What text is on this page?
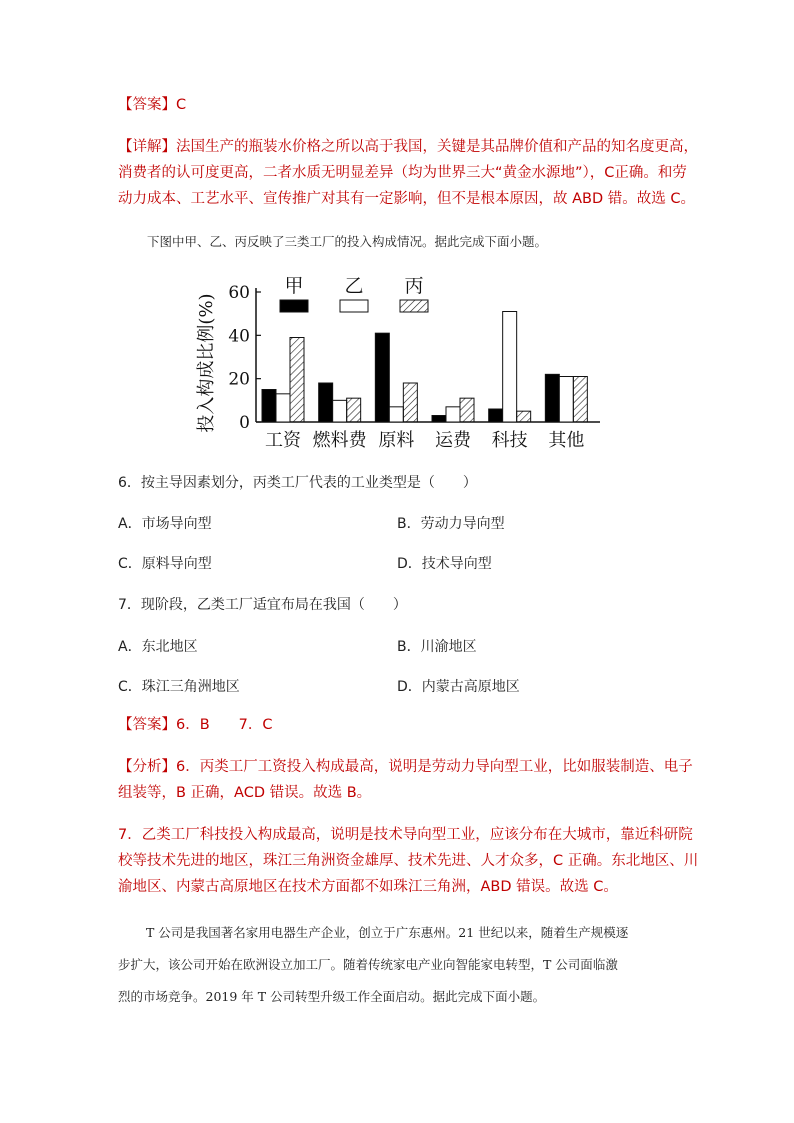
【答案】C
【详解】法国生产的瓶装水价格之所以高于我国，关键是其品牌价值和产品的知名度更高，
消费者的认可度更高，二者水质无明显差异（均为世界三大“黄金水源地”），C正确。和劳
动力成本、工艺水平、宣传推广对其有一定影响，但不是根本原因，故 ABD 错。故选 C。
下图中甲、乙、丙反映了三类工厂的投入构成情况。据此完成下面小题。
0
20
40
60
投入构成比例(%)
工资 燃料费 原料 运费 科技 其他
甲 乙 丙
6．按主导因素划分，丙类工厂代表的工业类型是（　　）
A．市场导向型	B．劳动力导向型
C．原料导向型	D．技术导向型
7．现阶段，乙类工厂适宜布局在我国（　　）
A．东北地区	B．川渝地区
C．珠江三角洲地区	D．内蒙古高原地区
【答案】6．B　　7．C
【分析】6．丙类工厂工资投入构成最高，说明是劳动力导向型工业，比如服装制造、电子
组装等，B 正确，ACD 错误。故选 B。
7．乙类工厂科技投入构成最高，说明是技术导向型工业，应该分布在大城市，靠近科研院
校等技术先进的地区，珠江三角洲资金雄厚、技术先进、人才众多，C 正确。东北地区、川
渝地区、内蒙古高原地区在技术方面都不如珠江三角洲，ABD 错误。故选 C。
T 公司是我国著名家用电器生产企业，创立于广东惠州。21 世纪以来，随着生产规模逐
步扩大，该公司开始在欧洲设立加工厂。随着传统家电产业向智能家电转型，T 公司面临激
烈的市场竞争。2019 年 T 公司转型升级工作全面启动。据此完成下面小题。
